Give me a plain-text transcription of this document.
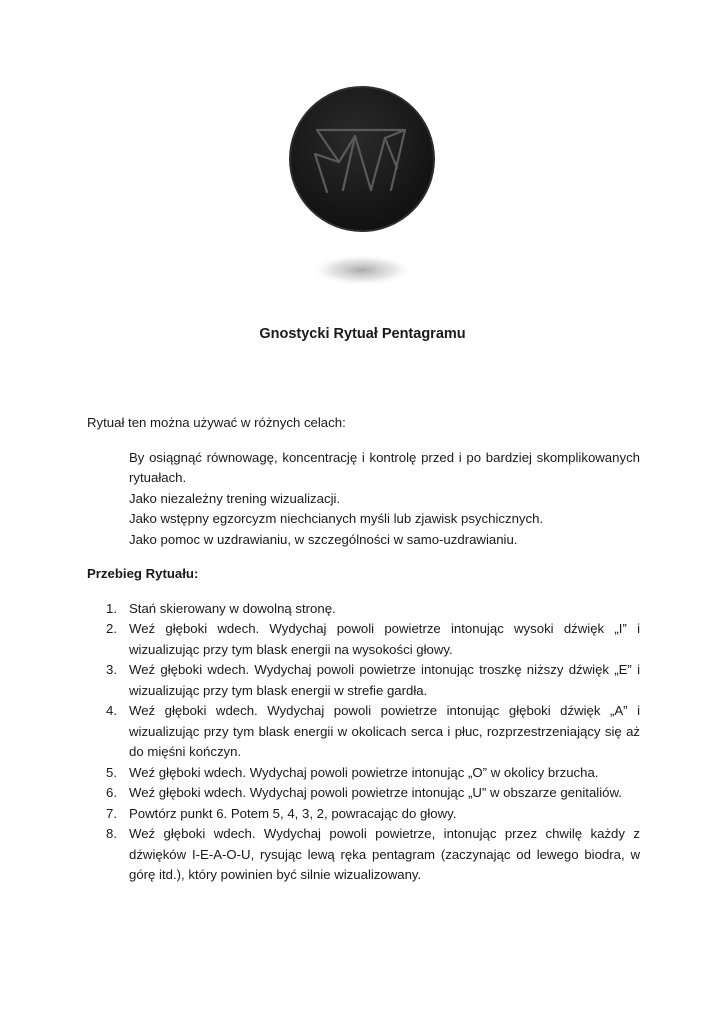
Gnostycki Rytuał Pentagramu

Rytuał ten można używać w różnych celach:

By osiągnąć równowagę, koncentrację i kontrolę przed i po bardziej skomplikowanych rytuałach.
Jako niezależny trening wizualizacji.
Jako wstępny egzorcyzm niechcianych myśli lub zjawisk psychicznych.
Jako pomoc w uzdrawianiu, w szczególności w samo-uzdrawianiu.

Przebieg Rytuału:

1. Stań skierowany w dowolną stronę.
2. Weź głęboki wdech. Wydychaj powoli powietrze intonując wysoki dźwięk „I” i wizualizując przy tym blask energii na wysokości głowy.
3. Weź głęboki wdech. Wydychaj powoli powietrze intonując troszkę niższy dźwięk „E” i wizualizując przy tym blask energii w strefie gardła.
4. Weź głęboki wdech. Wydychaj powoli powietrze intonując głęboki dźwięk „A” i wizualizując przy tym blask energii w okolicach serca i płuc, rozprzestrzeniający się aż do mięśni kończyn.
5. Weź głęboki wdech. Wydychaj powoli powietrze intonując „O” w okolicy brzucha.
6. Weź głęboki wdech. Wydychaj powoli powietrze intonując „U” w obszarze genitaliów.
7. Powtórz punkt 6. Potem 5, 4, 3, 2, powracając do głowy.
8. Weź głęboki wdech. Wydychaj powoli powietrze, intonując przez chwilę każdy z dźwięków I-E-A-O-U, rysując lewą ręka pentagram (zaczynając od lewego biodra, w górę itd.), który powinien być silnie wizualizowany.
